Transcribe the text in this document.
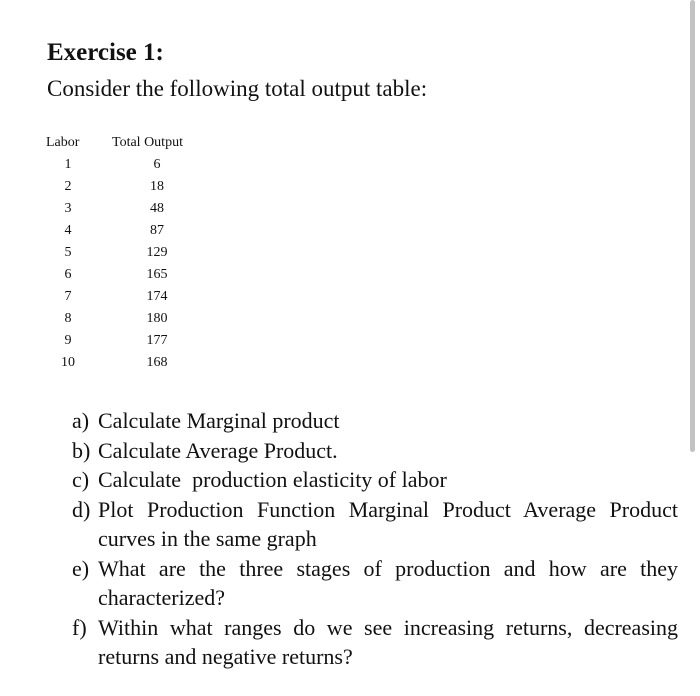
Exercise 1:
Consider the following total output table:
Labor	Total Output
1	6
2	18
3	48
4	87
5	129
6	165
7	174
8	180
9	177
10	168
a) Calculate Marginal product
b) Calculate Average Product.
c) Calculate  production elasticity of labor
d) Plot Production Function Marginal Product Average Product curves in the same graph
e) What are the three stages of production and how are they characterized?
f) Within what ranges do we see increasing returns, decreasing returns and negative returns?
